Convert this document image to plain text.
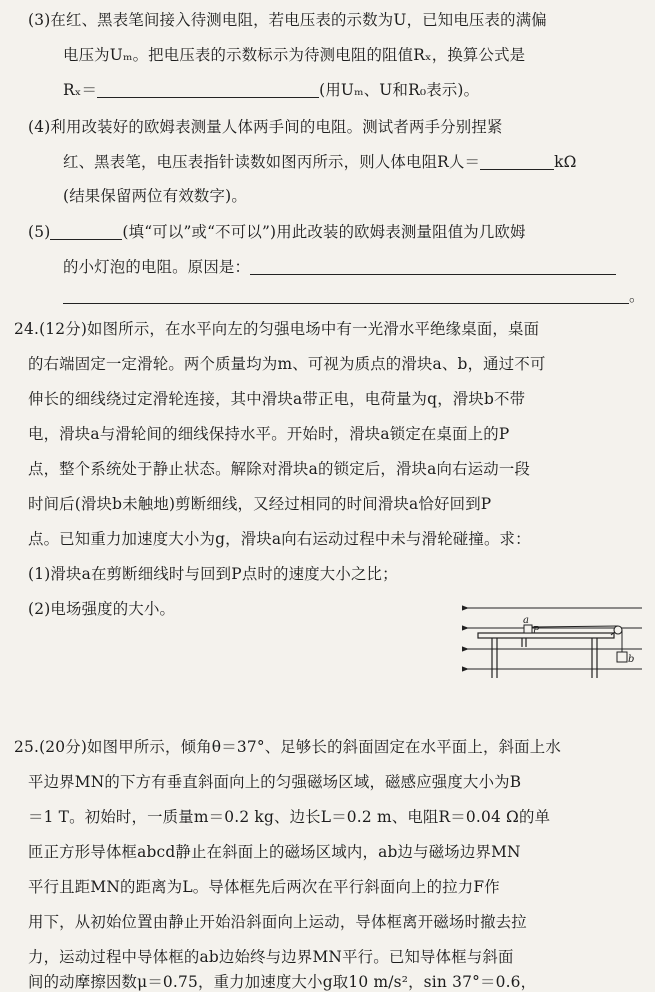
(3)在红、黑表笔间接入待测电阻，若电压表的示数为U，已知电压表的满偏
电压为Uₘ。把电压表的示数标示为待测电阻的阻值Rₓ，换算公式是
Rₓ＝	(用Uₘ、U和R₀表示)。
(4)利用改装好的欧姆表测量人体两手间的电阻。测试者两手分别捏紧
红、黑表笔，电压表指针读数如图丙所示，则人体电阻R人＝	kΩ
(结果保留两位有效数字)。
(5)	(填“可以”或“不可以”)用此改装的欧姆表测量阻值为几欧姆
的小灯泡的电阻。原因是：
。
24.(12分)如图所示，在水平向左的匀强电场中有一光滑水平绝缘桌面，桌面
的右端固定一定滑轮。两个质量均为m、可视为质点的滑块a、b，通过不可
伸长的细线绕过定滑轮连接，其中滑块a带正电，电荷量为q，滑块b不带
电，滑块a与滑轮间的细线保持水平。开始时，滑块a锁定在桌面上的P
点，整个系统处于静止状态。解除对滑块a的锁定后，滑块a向右运动一段
时间后(滑块b未触地)剪断细线，又经过相同的时间滑块a恰好回到P
点。已知重力加速度大小为g，滑块a向右运动过程中未与滑轮碰撞。求：
(1)滑块a在剪断细线时与回到P点时的速度大小之比；
(2)电场强度的大小。
a
P
b
25.(20分)如图甲所示，倾角θ＝37°、足够长的斜面固定在水平面上，斜面上水
平边界MN的下方有垂直斜面向上的匀强磁场区域，磁感应强度大小为B
＝1 T。初始时，一质量m＝0.2 kg、边长L＝0.2 m、电阻R＝0.04 Ω的单
匝正方形导体框abcd静止在斜面上的磁场区域内，ab边与磁场边界MN
平行且距MN的距离为L。导体框先后两次在平行斜面向上的拉力F作
用下，从初始位置由静止开始沿斜面向上运动，导体框离开磁场时撤去拉
力，运动过程中导体框的ab边始终与边界MN平行。已知导体框与斜面
间的动摩擦因数μ＝0.75，重力加速度大小g取10 m/s²，sin 37°＝0.6，
